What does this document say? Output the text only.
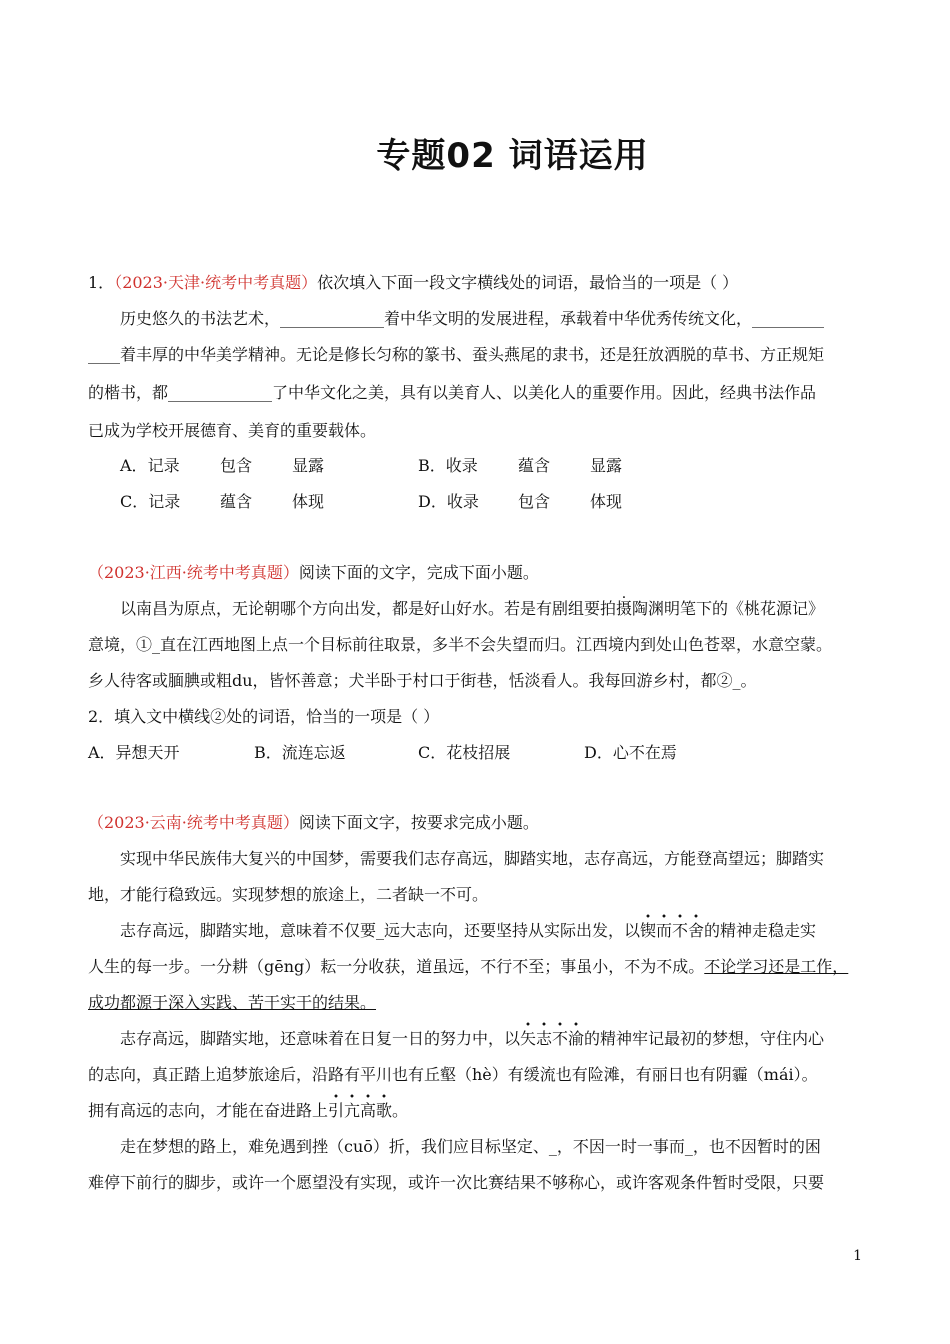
专题02 词语运用
1．（2023·天津·统考中考真题）依次填入下面一段文字横线处的词语，最恰当的一项是（ ）
历史悠久的书法艺术，_____________着中华文明的发展进程，承载着中华优秀传统文化，_________
____着丰厚的中华美学精神。无论是修长匀称的篆书、蚕头燕尾的隶书，还是狂放洒脱的草书、方正规矩
的楷书，都_____________了中华文化之美，具有以美育人、以美化人的重要作用。因此，经典书法作品
已成为学校开展德育、美育的重要载体。
A．记录	包含 显露	B．收录	蕴含 显露
C．记录 蕴含 体现	D．收录 包含 体现
（2023·江西·统考中考真题）阅读下面的文字，完成下面小题。
以南昌为原点，无论朝哪个方向出发，都是好山好水。若是有剧组要拍摄陶渊明笔下的《桃花源记》
意境，①_直在江西地图上点一个目标前往取景，多半不会失望而归。江西境内到处山色苍翠，水意空蒙。
乡人待客或腼腆或粗du，皆怀善意；犬半卧于村口于街巷，恬淡看人。我每回游乡村，都②_。
2．填入文中横线②处的词语，恰当的一项是（ ）
A．异想天开	B．流连忘返	C．花枝招展	D．心不在焉
（2023·云南·统考中考真题）阅读下面文字，按要求完成小题。
实现中华民族伟大复兴的中国梦，需要我们志存高远，脚踏实地，志存高远，方能登高望远；脚踏实
地，才能行稳致远。实现梦想的旅途上，二者缺一不可。
志存高远，脚踏实地，意味着不仅要_远大志向，还要坚持从实际出发，以锲而不舍的精神走稳走实
人生的每一步。一分耕（gēng）耘一分收获，道虽远，不行不至；事虽小，不为不成。不论学习还是工作，
成功都源于深入实践、苦干实干的结果。
志存高远，脚踏实地，还意味着在日复一日的努力中，以矢志不渝的精神牢记最初的梦想，守住内心
的志向，真正踏上追梦旅途后，沿路有平川也有丘壑（hè）有缓流也有险滩，有丽日也有阴霾（mái）。
拥有高远的志向，才能在奋进路上引亢高歌。
走在梦想的路上，难免遇到挫（cuō）折，我们应目标坚定、_，不因一时一事而_，也不因暂时的困
难停下前行的脚步，或许一个愿望没有实现，或许一次比赛结果不够称心，或许客观条件暂时受限，只要
1
